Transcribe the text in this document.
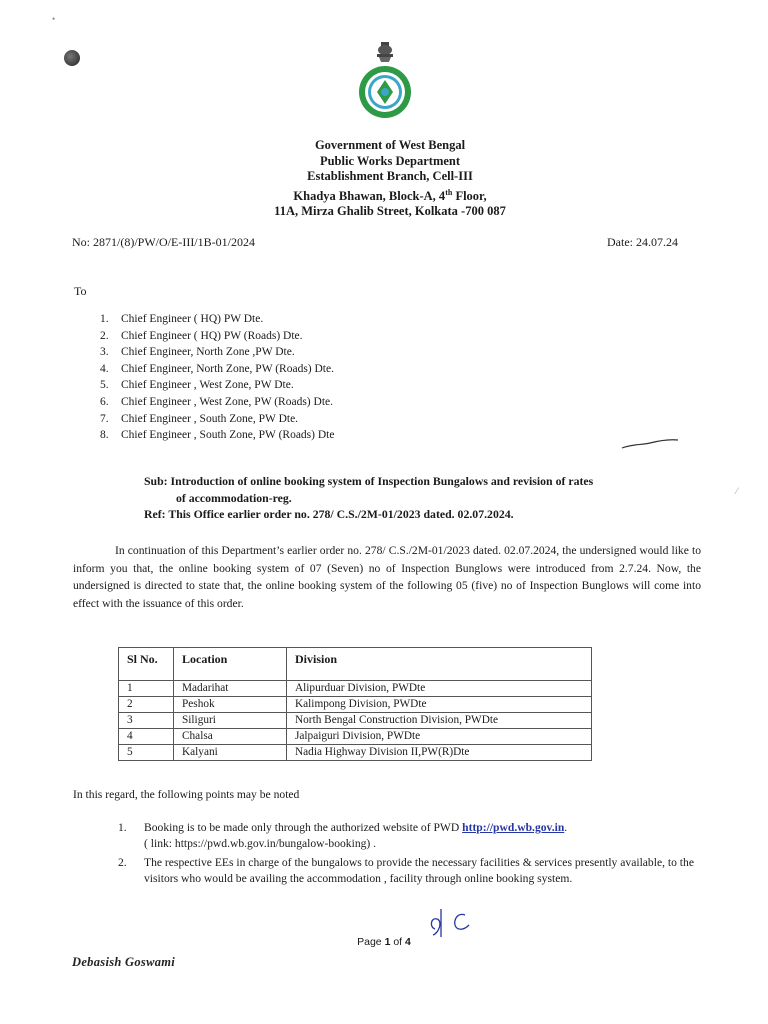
Government of West Bengal
Public Works Department
Establishment Branch, Cell-III
Khadya Bhawan, Block-A, 4th Floor,
11A, Mirza Ghalib Street, Kolkata -700 087
No: 2871/(8)/PW/O/E-III/1B-01/2024	Date: 24.07.24
To
1.	Chief Engineer ( HQ) PW Dte.
2.	Chief Engineer ( HQ) PW (Roads) Dte.
3.	Chief Engineer, North Zone ,PW Dte.
4.	Chief Engineer, North Zone, PW (Roads) Dte.
5.	Chief Engineer , West Zone, PW Dte.
6.	Chief Engineer , West Zone, PW (Roads) Dte.
7.	Chief Engineer , South Zone, PW Dte.
8.	Chief Engineer , South Zone, PW (Roads) Dte
Sub: Introduction of online booking system of Inspection Bungalows and revision of rates
of accommodation-reg.
Ref: This Office earlier order no. 278/ C.S./2M-01/2023 dated. 02.07.2024.
In continuation of this Department’s earlier order no. 278/ C.S./2M-01/2023 dated. 02.07.2024, the undersigned would like to inform you that, the online booking system of 07 (Seven) no of Inspection Bunglows were introduced from 2.7.24. Now, the undersigned is directed to state that, the online booking system of the following 05 (five) no of Inspection Bunglows will come into effect with the issuance of this order.
Sl No.	Location	Division
1	Madarihat	Alipurduar Division, PWDte
2	Peshok	Kalimpong Division, PWDte
3	Siliguri	North Bengal Construction Division, PWDte
4	Chalsa	Jalpaiguri Division, PWDte
5	Kalyani	Nadia Highway Division II,PW(R)Dte
In this regard, the following points may be noted
1.	Booking is to be made only through the authorized website of PWD http://pwd.wb.gov.in.
( link: https://pwd.wb.gov.in/bungalow-booking) .
2.	The respective EEs in charge of the bungalows to provide the necessary facilities & services presently available, to the visitors who would be availing the accommodation , facility through online booking system.
Page 1 of 4
Debasish Goswami
•
⁄
